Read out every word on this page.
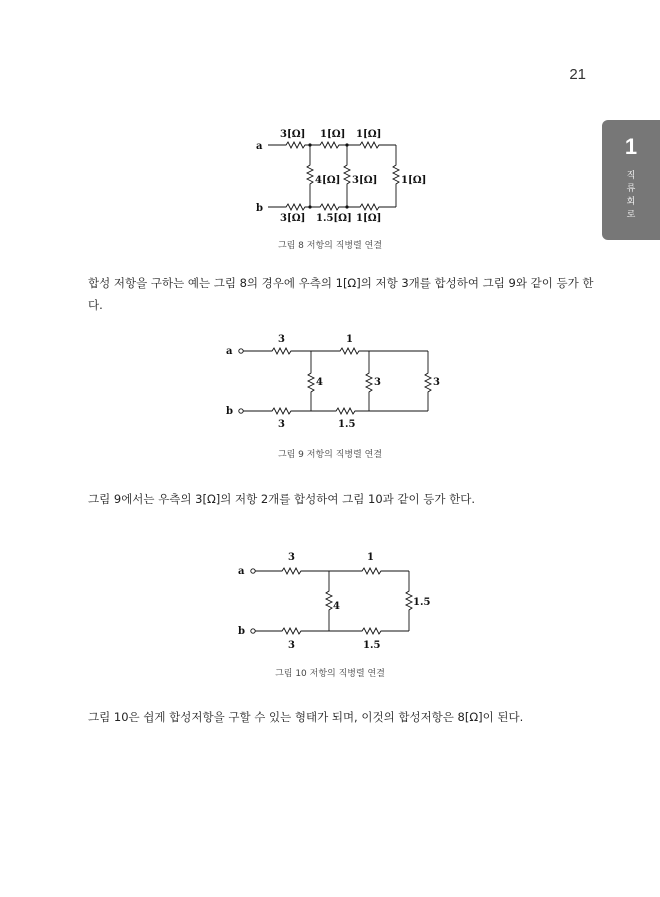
21
1
직류회로
a
b
3[Ω] 1[Ω] 1[Ω]
4[Ω] 3[Ω] 1[Ω]
3[Ω] 1.5[Ω] 1[Ω]
그림 8 저항의 직병렬 연결
합성 저항을 구하는 예는 그림 8의 경우에 우측의 1[Ω]의 저항 3개를 합성하여 그림 9와 같이 등가 한다.
a
b
3	1
4	3	3
3	1.5
그림 9 저항의 직병렬 연결
그림 9에서는 우측의 3[Ω]의 저항 2개를 합성하여 그림 10과 같이 등가 한다.
a
b
3	1
4	1.5
3	1.5
그림 10 저항의 직병렬 연결
그림 10은 쉽게 합성저항을 구할 수 있는 형태가 되며, 이것의 합성저항은 8[Ω]이 된다.
